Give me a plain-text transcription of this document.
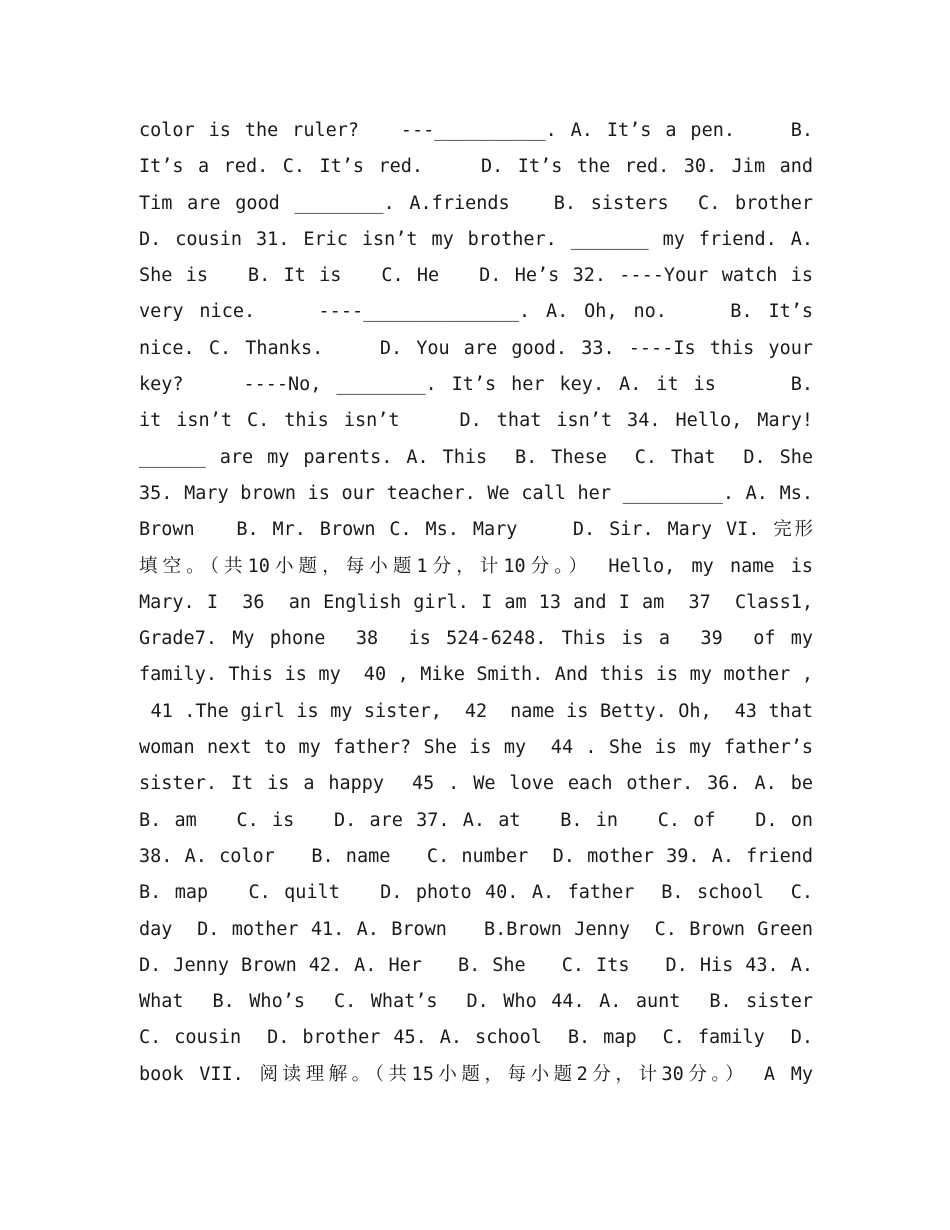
color is the ruler?   ---__________. A. It’s a pen.    B.
It’s a red. C. It’s red.    D. It’s the red. 30. Jim and
Tim are good ________. A.friends   B. sisters  C. brother
D. cousin 31. Eric isn’t my brother. _______ my friend. A.
She is   B. It is   C. He   D. He’s 32. ----Your watch is
very nice.    ----______________. A. Oh, no.    B. It’s
nice. C. Thanks.    D. You are good. 33. ----Is this your
key?    ----No, ________. It’s her key. A. it is     B.
it isn’t C. this isn’t    D. that isn’t 34. Hello, Mary!
______ are my parents. A. This  B. These  C. That  D. She
35. Mary brown is our teacher. We call her _________. A. Ms.
Brown   B. Mr. Brown C. Ms. Mary    D. Sir. Mary VI. 完形
填空。（共10小题，每小题1分，计10分。） Hello, my name is
Mary. I  36  an English girl. I am 13 and I am  37  Class1,
Grade7. My phone  38  is 524-6248. This is a  39  of my
family. This is my  40 , Mike Smith. And this is my mother ,
41 .The girl is my sister,  42  name is Betty. Oh,  43 that
woman next to my father? She is my  44 . She is my father’s
sister. It is a happy  45 . We love each other. 36. A. be
B. am   C. is   D. are 37. A. at   B. in   C. of   D. on
38. A. color   B. name   C. number  D. mother 39. A. friend
B. map   C. quilt   D. photo 40. A. father  B. school  C.
day  D. mother 41. A. Brown   B.Brown Jenny  C. Brown Green
D. Jenny Brown 42. A. Her   B. She   C. Its   D. His 43. A.
What  B. Who’s  C. What’s  D. Who 44. A. aunt  B. sister
C. cousin  D. brother 45. A. school  B. map  C. family  D.
book VII. 阅读理解。（共15小题，每小题2分，计30分。） A My
